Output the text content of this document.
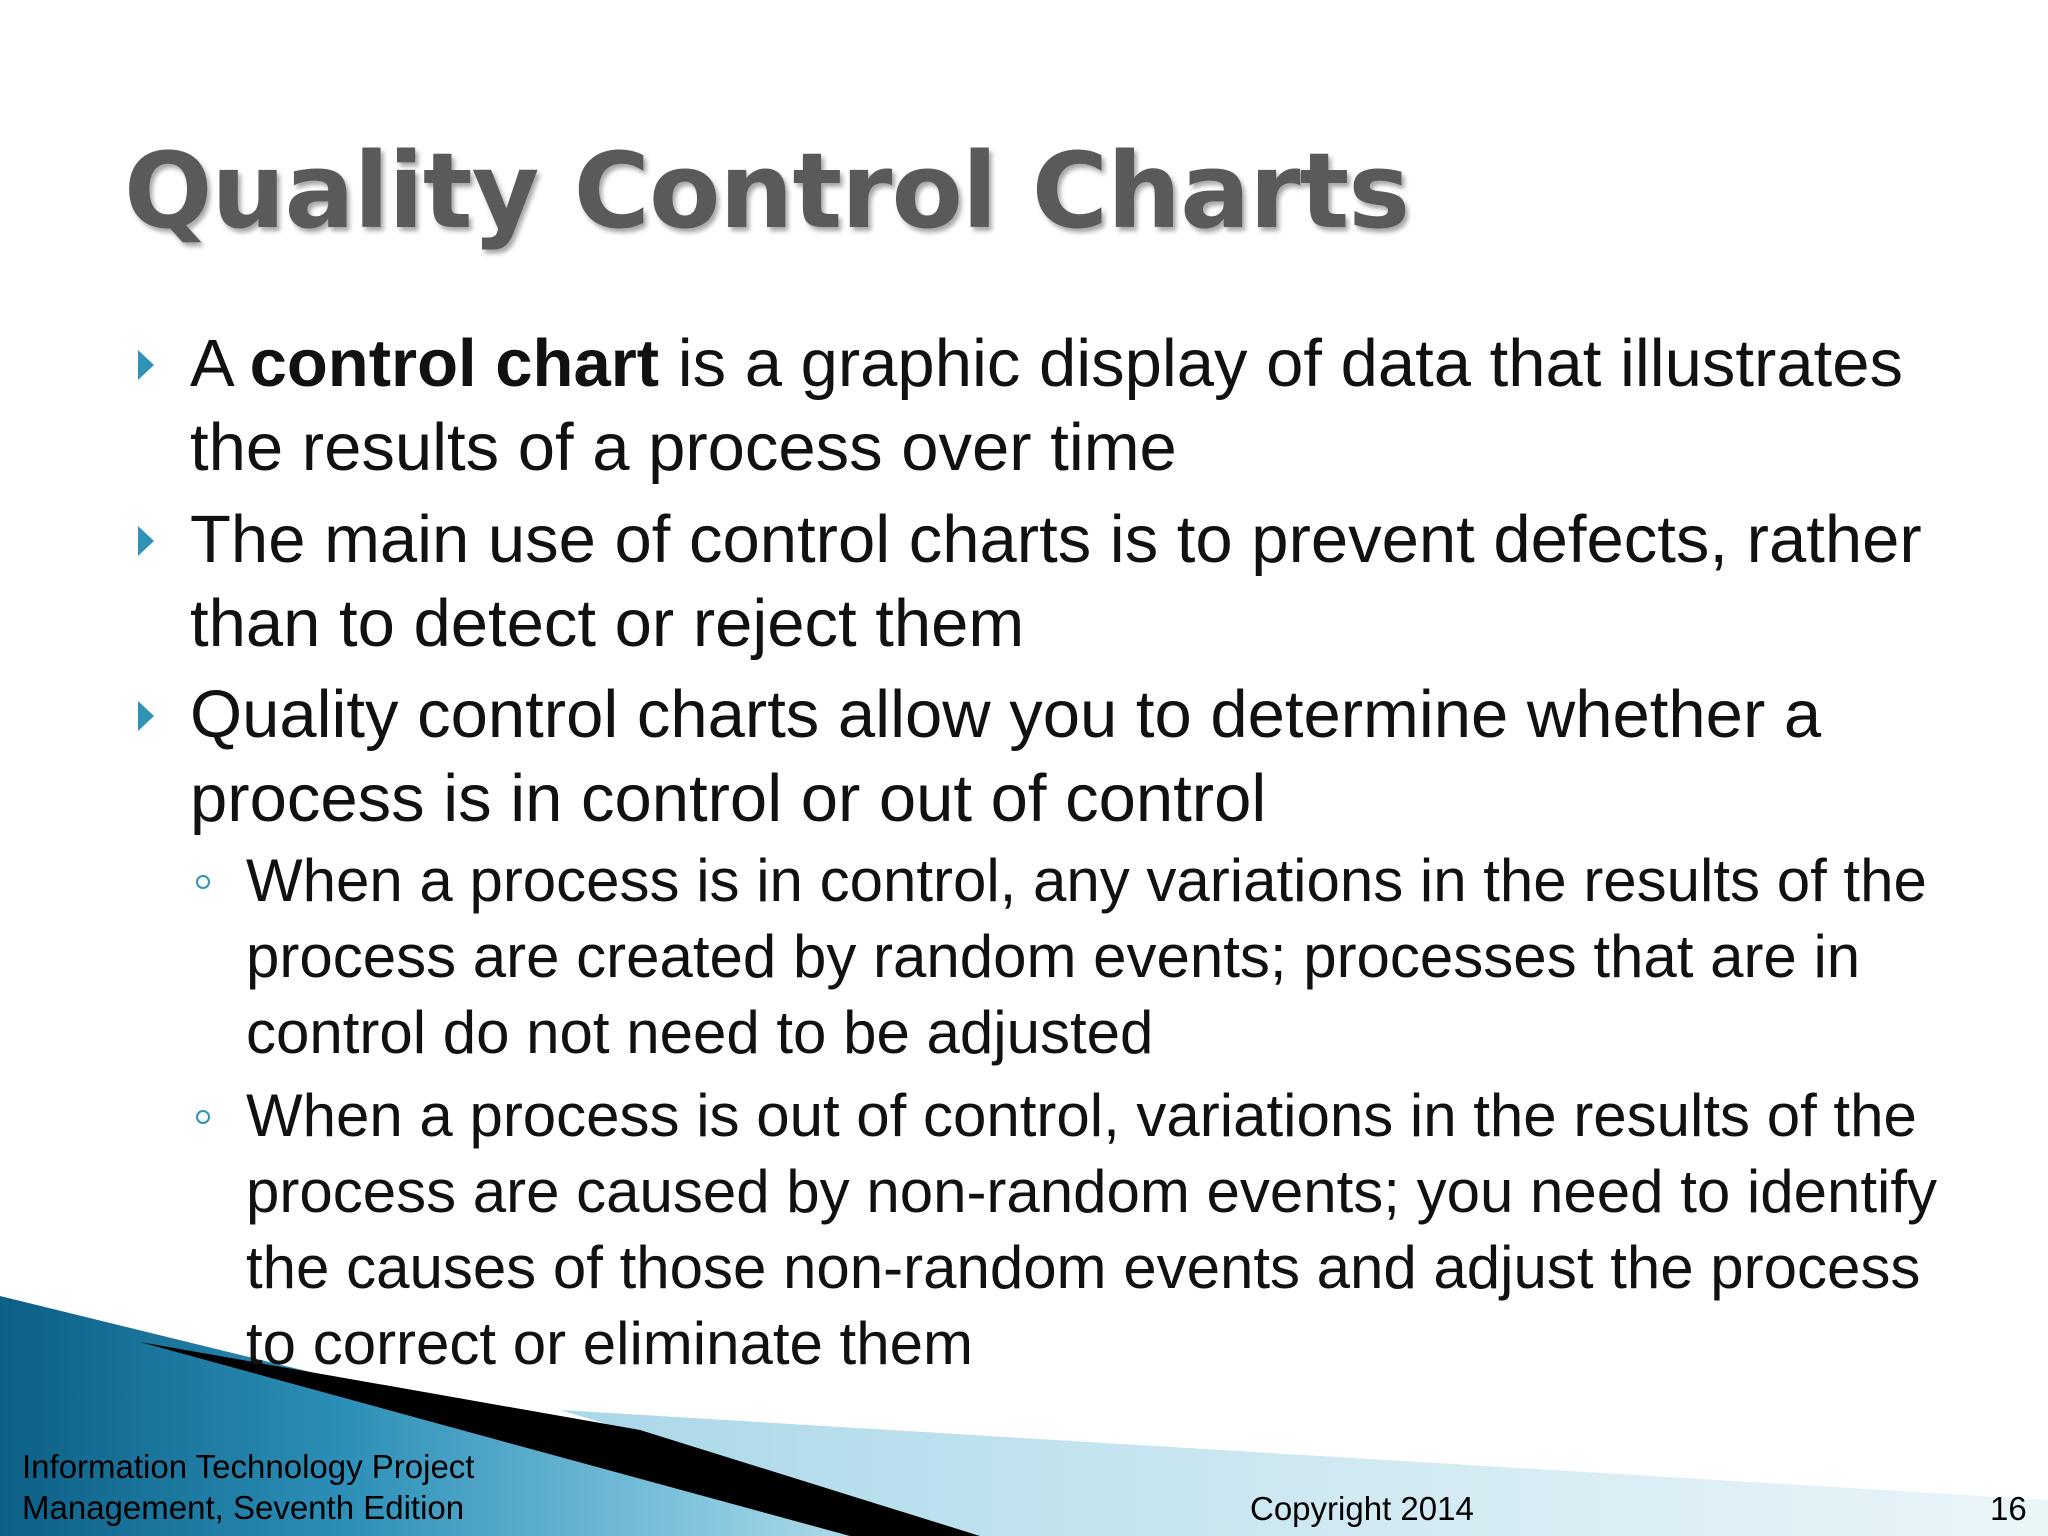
Quality Control Charts
A control chart is a graphic display of data that illustrates the results of a process over time
The main use of control charts is to prevent defects, rather than to detect or reject them
Quality control charts allow you to determine whether a process is in control or out of control
When a process is in control, any variations in the results of the process are created by random events; processes that are in control do not need to be adjusted
When a process is out of control, variations in the results of the process are caused by non-random events; you need to identify the causes of those non-random events and adjust the process to correct or eliminate them
Information Technology Project
Management, Seventh Edition	Copyright 2014	16
